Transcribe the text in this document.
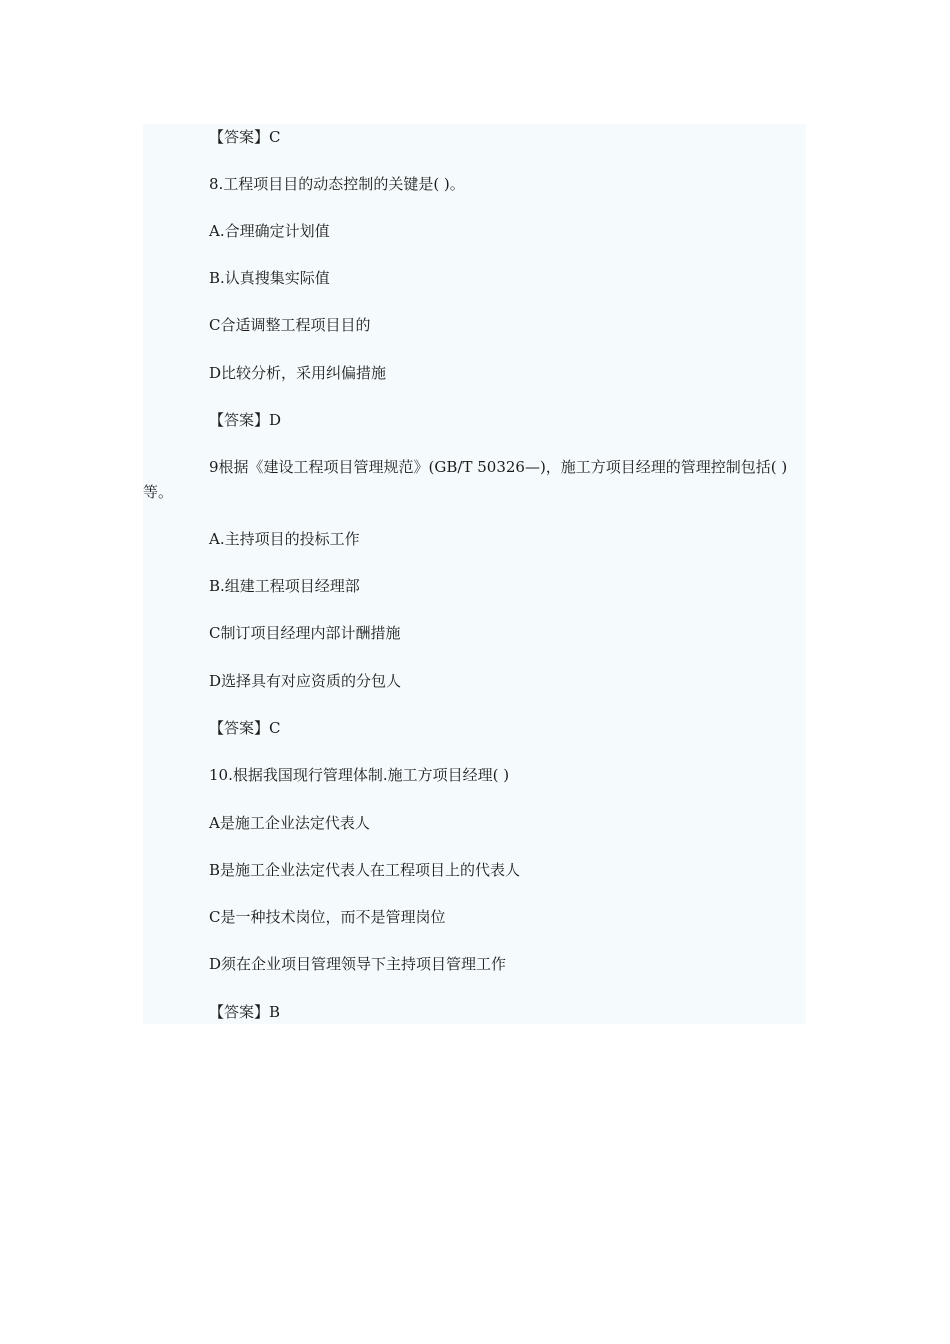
【答案】C
8.工程项目目的动态控制的关键是( )。
A.合理确定计划值
B.认真搜集实际值
C合适调整工程项目目的
D比较分析，采用纠偏措施
【答案】D

9根据《建设工程项目管理规范》(GB/T 50326—)，施工方项目经理的管理控制包括( )等。

A.主持项目的投标工作
B.组建工程项目经理部
C制订项目经理内部计酬措施
D选择具有对应资质的分包人
【答案】C
10.根据我国现行管理体制.施工方项目经理( )
A是施工企业法定代表人
B是施工企业法定代表人在工程项目上的代表人
C是一种技术岗位，而不是管理岗位
D须在企业项目管理领导下主持项目管理工作
【答案】B
